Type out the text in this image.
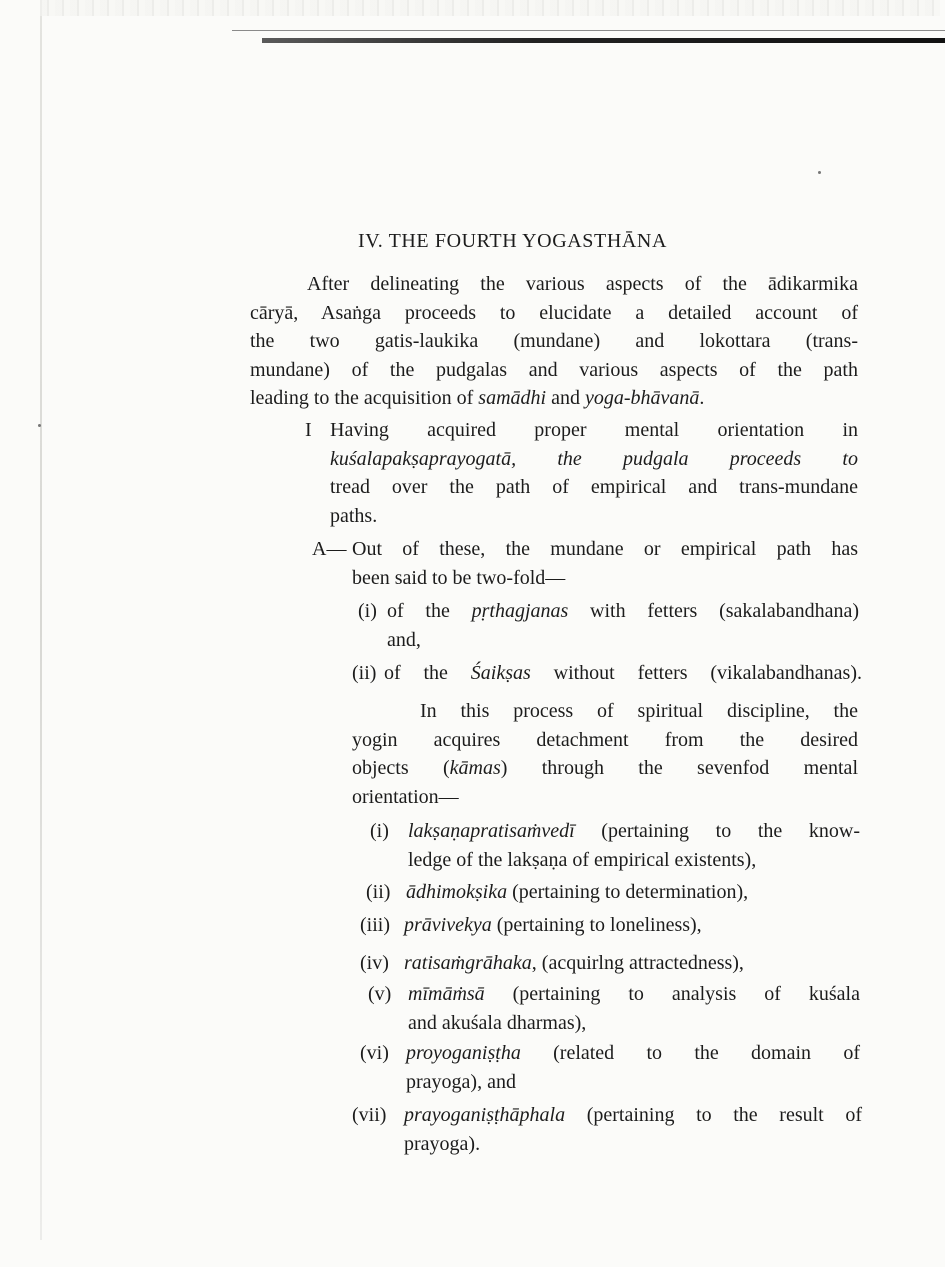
IV. THE FOURTH YOGASTHĀNA
After delineating the various aspects of the ādikarmika
cāryā, Asaṅga proceeds to elucidate a detailed account of
the two gatis-laukika (mundane) and lokottara (trans-
mundane) of the pudgalas and various aspects of the path
leading to the acquisition of samādhi and yoga-bhāvanā.
I Having acquired proper mental orientation in
kuśalapakṣaprayogatā, the pudgala proceeds to
tread over the path of empirical and trans-mundane
paths.
A— Out of these, the mundane or empirical path has
been said to be two-fold—
(i) of the pṛthagjanas with fetters (sakalabandhana)
and,
(ii) of the Śaikṣas without fetters (vikalabandhanas).
In this process of spiritual discipline, the
yogin acquires detachment from the desired
objects (kāmas) through the sevenfod mental
orientation—
(i) lakṣaṇapratisaṁvedī (pertaining to the know-
ledge of the lakṣaṇa of empirical existents),
(ii) ādhimokṣika (pertaining to determination),
(iii) prāvivekya (pertaining to loneliness),
(iv) ratisaṁgrāhaka, (acquirlng attractedness),
(v) mīmāṁsā (pertaining to analysis of kuśala
and akuśala dharmas),
(vi) proyoganiṣṭha (related to the domain of
prayoga), and
(vii) prayoganiṣṭhāphala (pertaining to the result of
prayoga).
